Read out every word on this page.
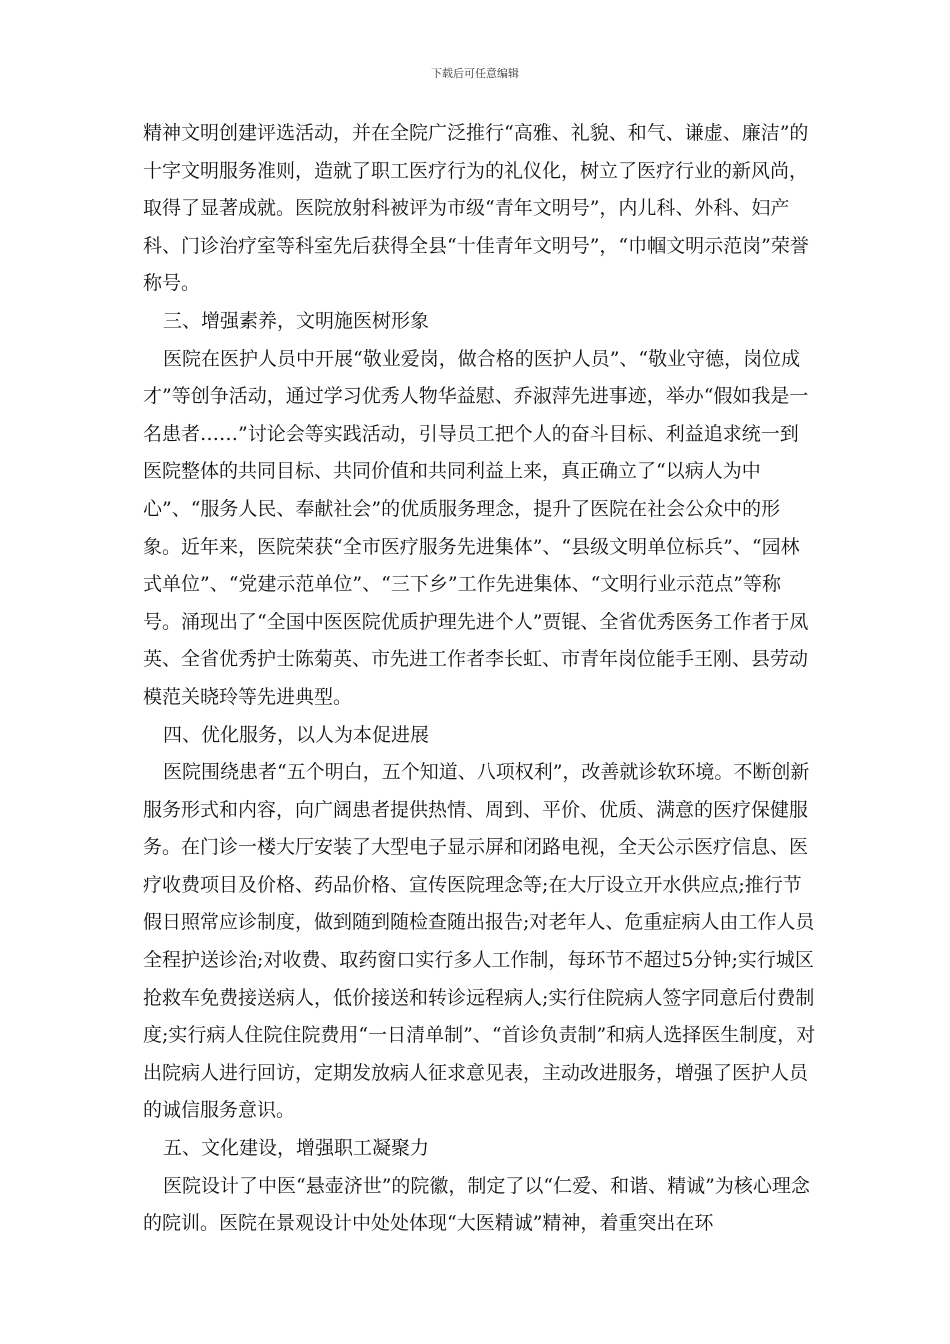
下载后可任意编辑

精神文明创建评选活动，并在全院广泛推行“高雅、礼貌、和气、谦虚、廉洁”的十字文明服务准则，造就了职工医疗行为的礼仪化，树立了医疗行业的新风尚，取得了显著成就。医院放射科被评为市级“青年文明号”，内儿科、外科、妇产科、门诊治疗室等科室先后获得全县“十佳青年文明号”，“巾帼文明示范岗”荣誉称号。

三、增强素养，文明施医树形象

医院在医护人员中开展“敬业爱岗，做合格的医护人员”、“敬业守德，岗位成才”等创争活动，通过学习优秀人物华益慰、乔淑萍先进事迹，举办“假如我是一名患者……”讨论会等实践活动，引导员工把个人的奋斗目标、利益追求统一到医院整体的共同目标、共同价值和共同利益上来，真正确立了“以病人为中心”、“服务人民、奉献社会”的优质服务理念，提升了医院在社会公众中的形象。近年来，医院荣获“全市医疗服务先进集体”、“县级文明单位标兵”、“园林式单位”、“党建示范单位”、“三下乡”工作先进集体、“文明行业示范点”等称号。涌现出了“全国中医医院优质护理先进个人”贾锟、全省优秀医务工作者于凤英、全省优秀护士陈菊英、市先进工作者李长虹、市青年岗位能手王刚、县劳动模范关晓玲等先进典型。

四、优化服务，以人为本促进展

医院围绕患者“五个明白，五个知道、八项权利”，改善就诊软环境。不断创新服务形式和内容，向广阔患者提供热情、周到、平价、优质、满意的医疗保健服务。在门诊一楼大厅安装了大型电子显示屏和闭路电视，全天公示医疗信息、医疗收费项目及价格、药品价格、宣传医院理念等;在大厅设立开水供应点;推行节假日照常应诊制度，做到随到随检查随出报告;对老年人、危重症病人由工作人员全程护送诊治;对收费、取药窗口实行多人工作制，每环节不超过5分钟;实行城区抢救车免费接送病人，低价接送和转诊远程病人;实行住院病人签字同意后付费制度;实行病人住院住院费用“一日清单制”、“首诊负责制”和病人选择医生制度，对出院病人进行回访，定期发放病人征求意见表，主动改进服务，增强了医护人员的诚信服务意识。

五、文化建设，增强职工凝聚力

医院设计了中医“悬壶济世”的院徽，制定了以“仁爱、和谐、精诚”为核心理念的院训。医院在景观设计中处处体现“大医精诚”精神，着重突出在环
